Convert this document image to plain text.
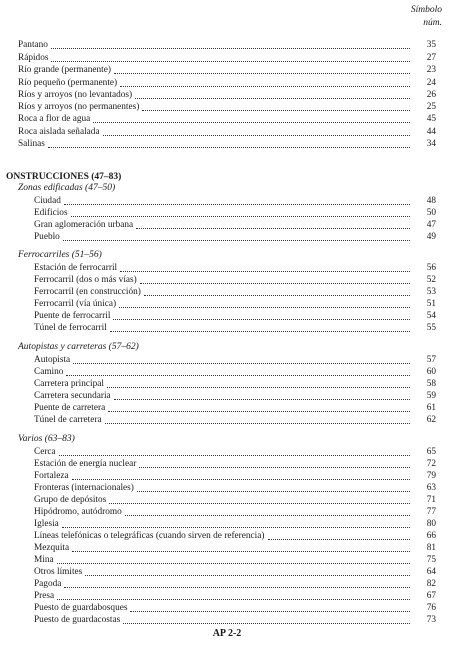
Símbolo
núm.
Pantano	35
Rápidos	27
Río grande (permanente)	23
Río pequeño (permanente)	24
Ríos y arroyos (no levantados)	26
Ríos y arroyos (no permanentes)	25
Roca a flor de agua	45
Roca aislada señalada	44
Salinas	34
ONSTRUCCIONES (47–83)
Zonas edificadas (47–50)
Ciudad	48
Edificios	50
Gran aglomeración urbana	47
Pueblo	49
Ferrocarriles (51–56)
Estación de ferrocarril	56
Ferrocarril (dos o más vías)	52
Ferrocarril (en construcción)	53
Ferrocarril (vía única)	51
Puente de ferrocarril	54
Túnel de ferrocarril	55
Autopistas y carreteras (57–62)
Autopista	57
Camino	60
Carretera principal	58
Carretera secundaria	59
Puente de carretera	61
Túnel de carretera	62
Varios (63–83)
Cerca	65
Estación de energía nuclear	72
Fortaleza	79
Fronteras (internacionales)	63
Grupo de depósitos	71
Hipódromo, autódromo	77
Iglesia	80
Líneas telefónicas o telegráficas (cuando sirven de referencia)	66
Mezquita	81
Mina	75
Otros límites	64
Pagoda	82
Presa	67
Puesto de guardabosques	76
Puesto de guardacostas	73
AP 2-2
